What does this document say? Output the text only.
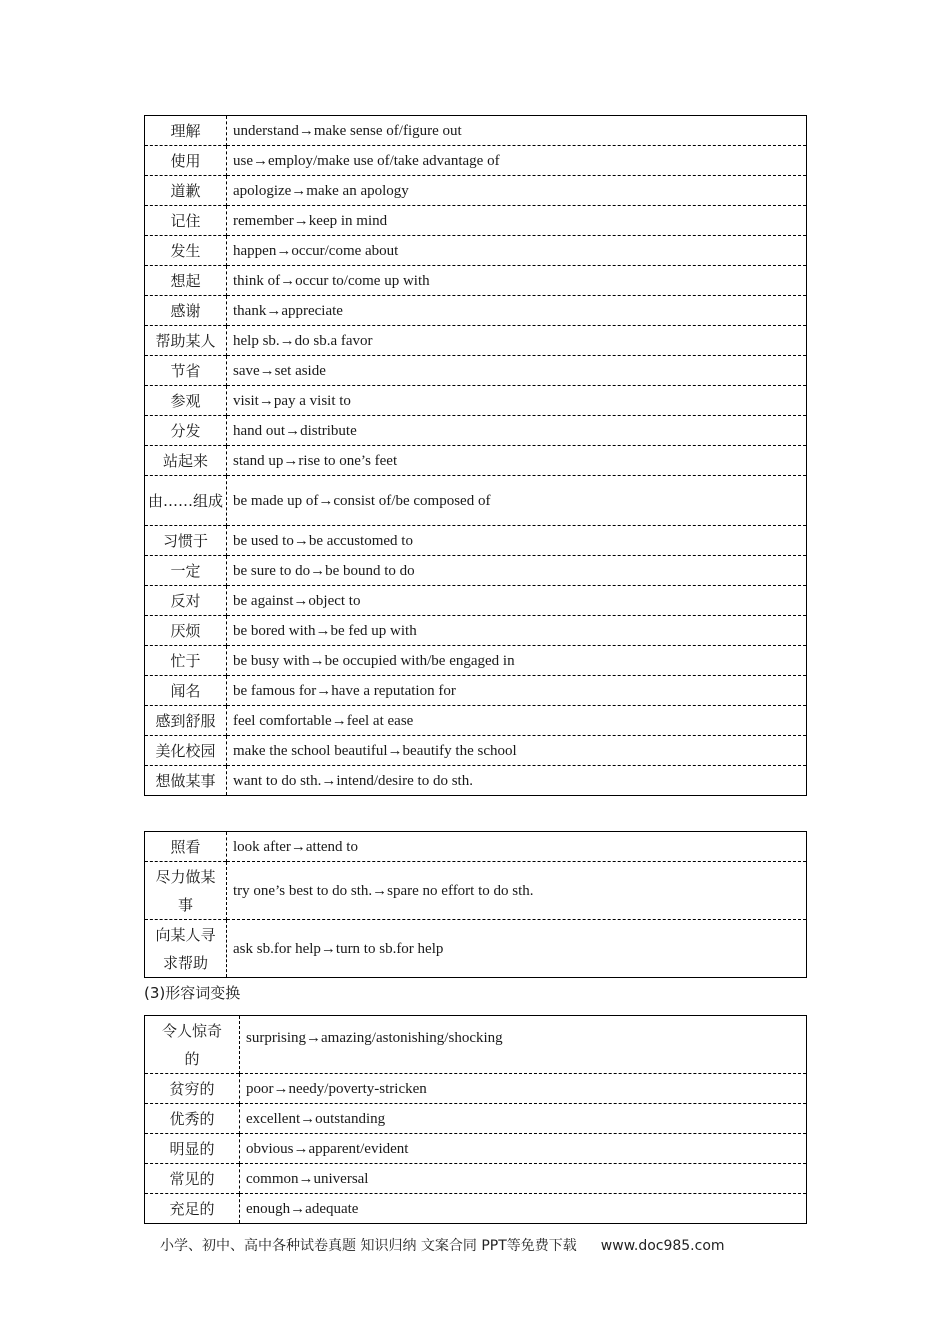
理解	understand→make sense of/figure out
使用	use→employ/make use of/take advantage of
道歉	apologize→make an apology
记住	remember→keep in mind
发生	happen→occur/come about
想起	think of→occur to/come up with
感谢	thank→appreciate
帮助某人	help sb.→do sb.a favor
节省	save→set aside
参观	visit→pay a visit to
分发	hand out→distribute
站起来	stand up→rise to one’s feet
由……组成	be made up of→consist of/be composed of
习惯于	be used to→be accustomed to
一定	be sure to do→be bound to do
反对	be against→object to
厌烦	be bored with→be fed up with
忙于	be busy with→be occupied with/be engaged in
闻名	be famous for→have a reputation for
感到舒服	feel comfortable→feel at ease
美化校园	make the school beautiful→beautify the school
想做某事	want to do sth.→intend/desire to do sth.
照看	look after→attend to
尽力做某事	try one’s best to do sth.→spare no effort to do sth.
向某人寻求帮助	ask sb.for help→turn to sb.for help
(3)形容词变换
令人惊奇的	surprising→amazing/astonishing/shocking
贫穷的	poor→needy/poverty-stricken
优秀的	excellent→outstanding
明显的	obvious→apparent/evident
常见的	common→universal
充足的	enough→adequate
小学、初中、高中各种试卷真题 知识归纳 文案合同 PPT等免费下载 www.doc985.com
